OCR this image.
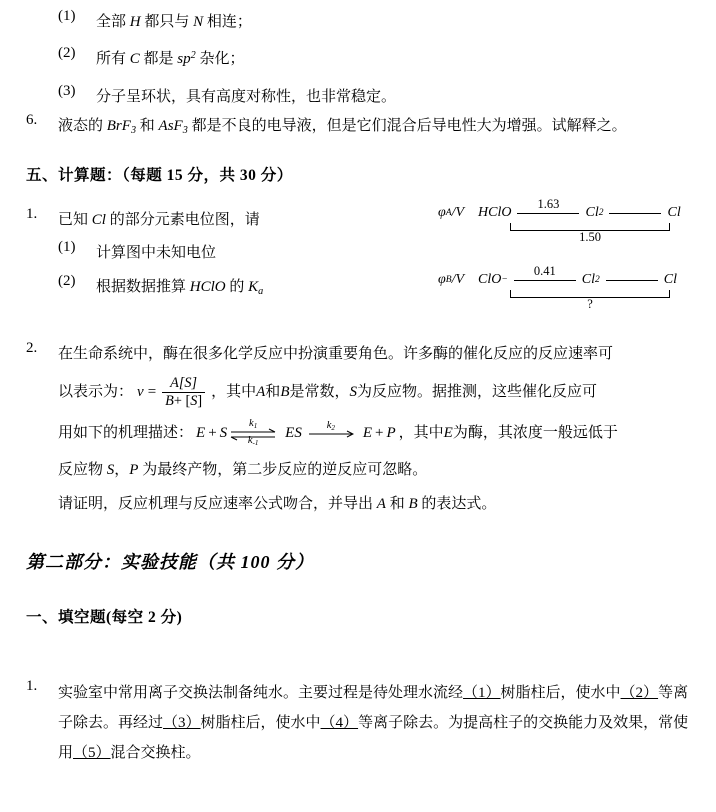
(1)	全部 H 都只与 N 相连；
(2)	所有 C 都是 $sp^2$ 杂化；
(3)	分子呈环状，具有高度对称性，也非常稳定。
6.	液态的 BrF$_3$ 和 AsF$_3$ 都是不良的电导液，但是它们混合后导电性大为增强。试解释之。
五、计算题：（每题 15 分，共 30 分）
1.	已知 Cl 的部分元素电位图，请
(1)	计算图中未知电位
(2)	根据数据推算 HClO 的 $K_a$
φ A /V HClO
1.63
Cl 2	Cl
1.50
φ B /V ClO −
0.41
Cl 2	Cl
?
2.	在生命系统中，酶在很多化学反应中扮演重要角色。许多酶的催化反应的反应速率可
以表示为： $v = \frac{A[S]}{B+ [S]}$ ，其中 A 和 B 是常数， S 为反应物。据推测，这些催化反应可
用如下的机理描述： E + S
$k_1$
$k_{-1}$
ES $k_2$ E + P ，其中 E 为酶，其浓度一般远低于
反应物 S，P 为最终产物，第二步反应的逆反应可忽略。
请证明，反应机理与反应速率公式吻合，并导出 A 和 B 的表达式。
第二部分：实验技能（共 100 分）
一、填空题(每空 2 分)
1.	实验室中常用离子交换法制备纯水。主要过程是待处理水流经（1）树脂柱后，使水中（2）等离子除去。再经过（3）树脂柱后，使水中（4）等离子除去。为提高柱子的交换能力及效果，常使用（5）混合交换柱。
